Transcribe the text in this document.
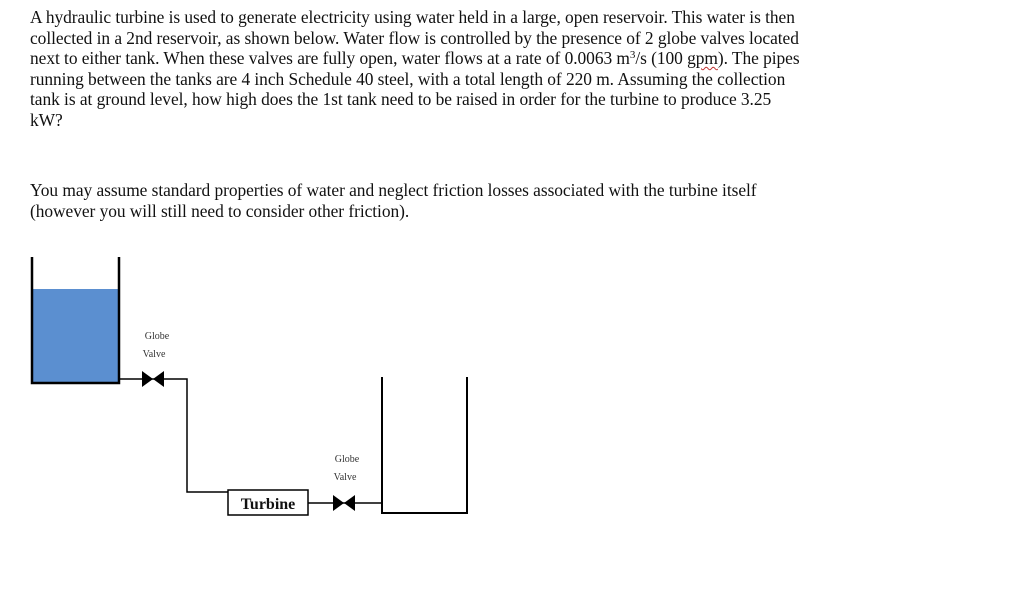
A hydraulic turbine is used to generate electricity using water held in a large, open reservoir. This water is then
collected in a 2nd reservoir, as shown below. Water flow is controlled by the presence of 2 globe valves located
next to either tank. When these valves are fully open, water flows at a rate of 0.0063 $m^3/s$ (100 gpm). The pipes
running between the tanks are 4 inch Schedule 40 steel, with a total length of 220 m. Assuming the collection
tank is at ground level, how high does the 1st tank need to be raised in order for the turbine to produce 3.25
kW?
You may assume standard properties of water and neglect friction losses associated with the turbine itself
(however you will still need to consider other friction).
Globe
Valve
Turbine
Globe
Valve
